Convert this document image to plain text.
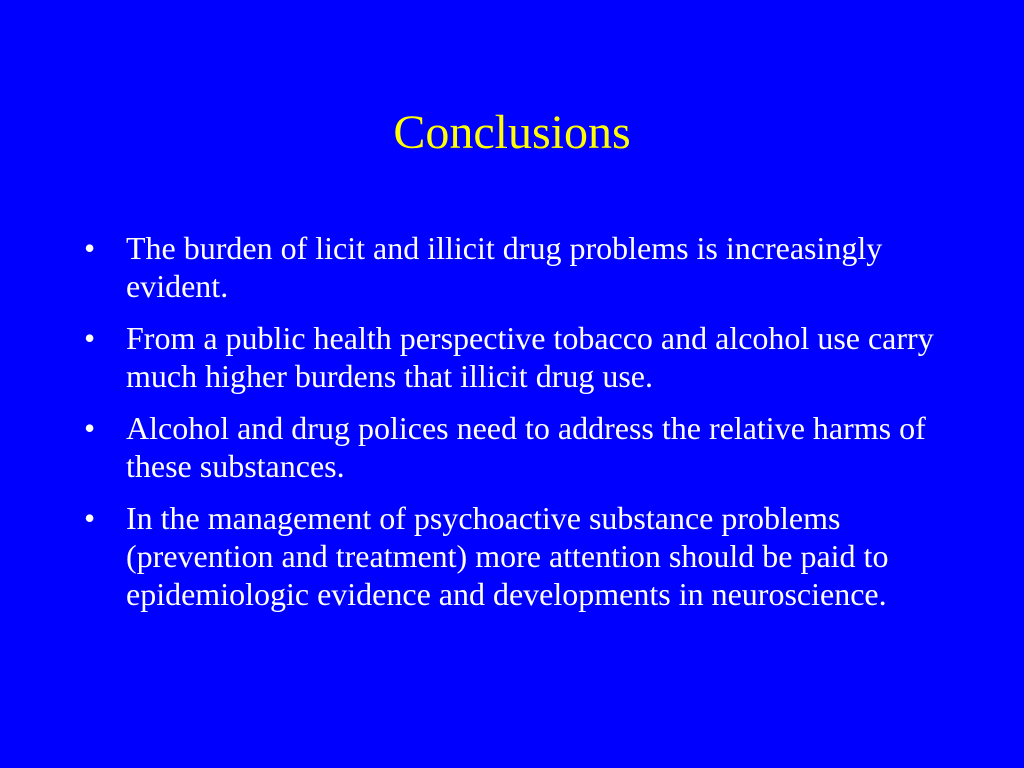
Conclusions
• The burden of licit and illicit drug problems is increasingly evident.
• From a public health perspective tobacco and alcohol use carry much higher burdens that illicit drug use.
• Alcohol and drug polices need to address the relative harms of these substances.
• In the management of psychoactive substance problems (prevention and treatment) more attention should be paid to epidemiologic evidence and developments in neuroscience.
